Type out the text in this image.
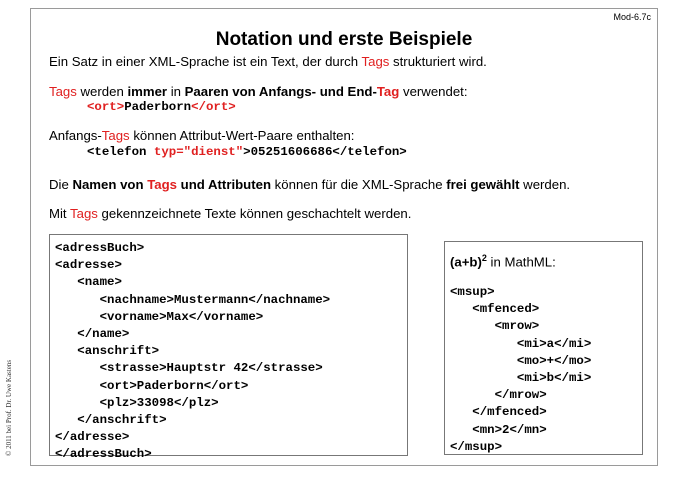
© 2011 bei Prof. Dr. Uwe Kastens
Mod-6.7c
Notation und erste Beispiele
Ein Satz in einer XML-Sprache ist ein Text, der durch Tags strukturiert wird.
Tags werden immer in Paaren von Anfangs- und End-Tag verwendet:
<ort>Paderborn</ort>
Anfangs-Tags können Attribut-Wert-Paare enthalten:
<telefon typ="dienst">05251606686</telefon>
Die Namen von Tags und Attributen können für die XML-Sprache frei gewählt werden.
Mit Tags gekennzeichnete Texte können geschachtelt werden.
<adressBuch>
<adresse>
<name>
<nachname>Mustermann</nachname>
<vorname>Max</vorname>
</name>
<anschrift>
<strasse>Hauptstr 42</strasse>
<ort>Paderborn</ort>
<plz>33098</plz>
</anschrift>
</adresse>
</adressBuch>
$(a+b)^2$ in MathML:
<msup>
<mfenced>
<mrow>
<mi>a</mi>
<mo>+</mo>
<mi>b</mi>
</mrow>
</mfenced>
<mn>2</mn>
</msup>
